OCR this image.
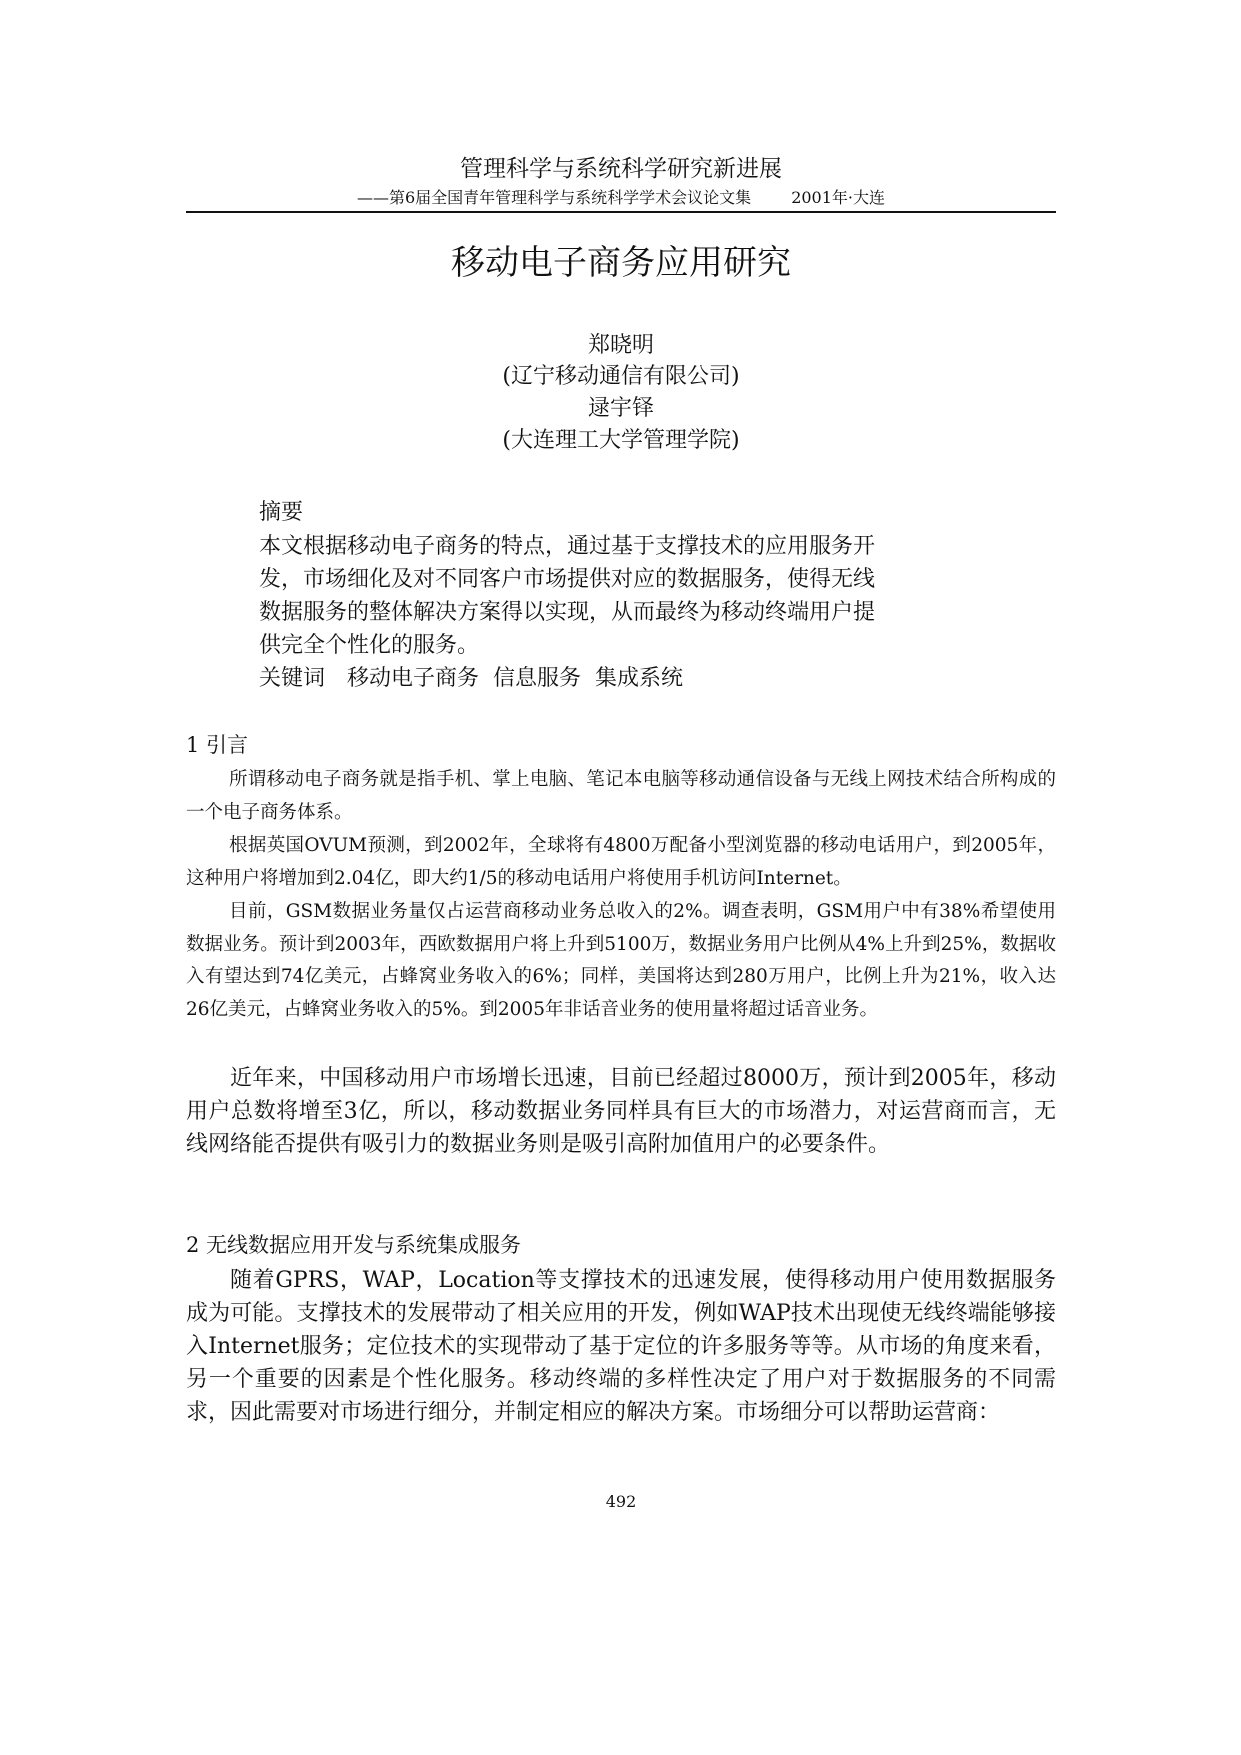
管理科学与系统科学研究新进展
——第6届全国青年管理科学与系统科学学术会议论文集	2001年·大连
移动电子商务应用研究
郑晓明
(辽宁移动通信有限公司)
逯宇铎
(大连理工大学管理学院)
摘要
本文根据移动电子商务的特点，通过基于支撑技术的应用服务开
发，市场细化及对不同客户市场提供对应的数据服务，使得无线
数据服务的整体解决方案得以实现，从而最终为移动终端用户提
供完全个性化的服务。
关键词 移动电子商务 信息服务 集成系统
1 引言

所谓移动电子商务就是指手机、掌上电脑、笔记本电脑等移动通信设备与无线上网技术结合所构成的一个电子商务体系。

根据英国OVUM预测，到2002年，全球将有4800万配备小型浏览器的移动电话用户，到2005年，这种用户将增加到2.04亿，即大约1/5的移动电话用户将使用手机访问Internet。

目前，GSM数据业务量仅占运营商移动业务总收入的2%。调查表明，GSM用户中有38%希望使用数据业务。预计到2003年，西欧数据用户将上升到5100万，数据业务用户比例从4%上升到25%，数据收入有望达到74亿美元，占蜂窝业务收入的6%；同样，美国将达到280万用户，比例上升为21%，收入达26亿美元，占蜂窝业务收入的5%。到2005年非话音业务的使用量将超过话音业务。

近年来，中国移动用户市场增长迅速，目前已经超过8000万，预计到2005年，移动用户总数将增至3亿，所以，移动数据业务同样具有巨大的市场潜力，对运营商而言，无线网络能否提供有吸引力的数据业务则是吸引高附加值用户的必要条件。

2 无线数据应用开发与系统集成服务

随着GPRS，WAP，Location等支撑技术的迅速发展，使得移动用户使用数据服务成为可能。支撑技术的发展带动了相关应用的开发，例如WAP技术出现使无线终端能够接入Internet服务；定位技术的实现带动了基于定位的许多服务等等。从市场的角度来看，另一个重要的因素是个性化服务。移动终端的多样性决定了用户对于数据服务的不同需求，因此需要对市场进行细分，并制定相应的解决方案。市场细分可以帮助运营商：

492
